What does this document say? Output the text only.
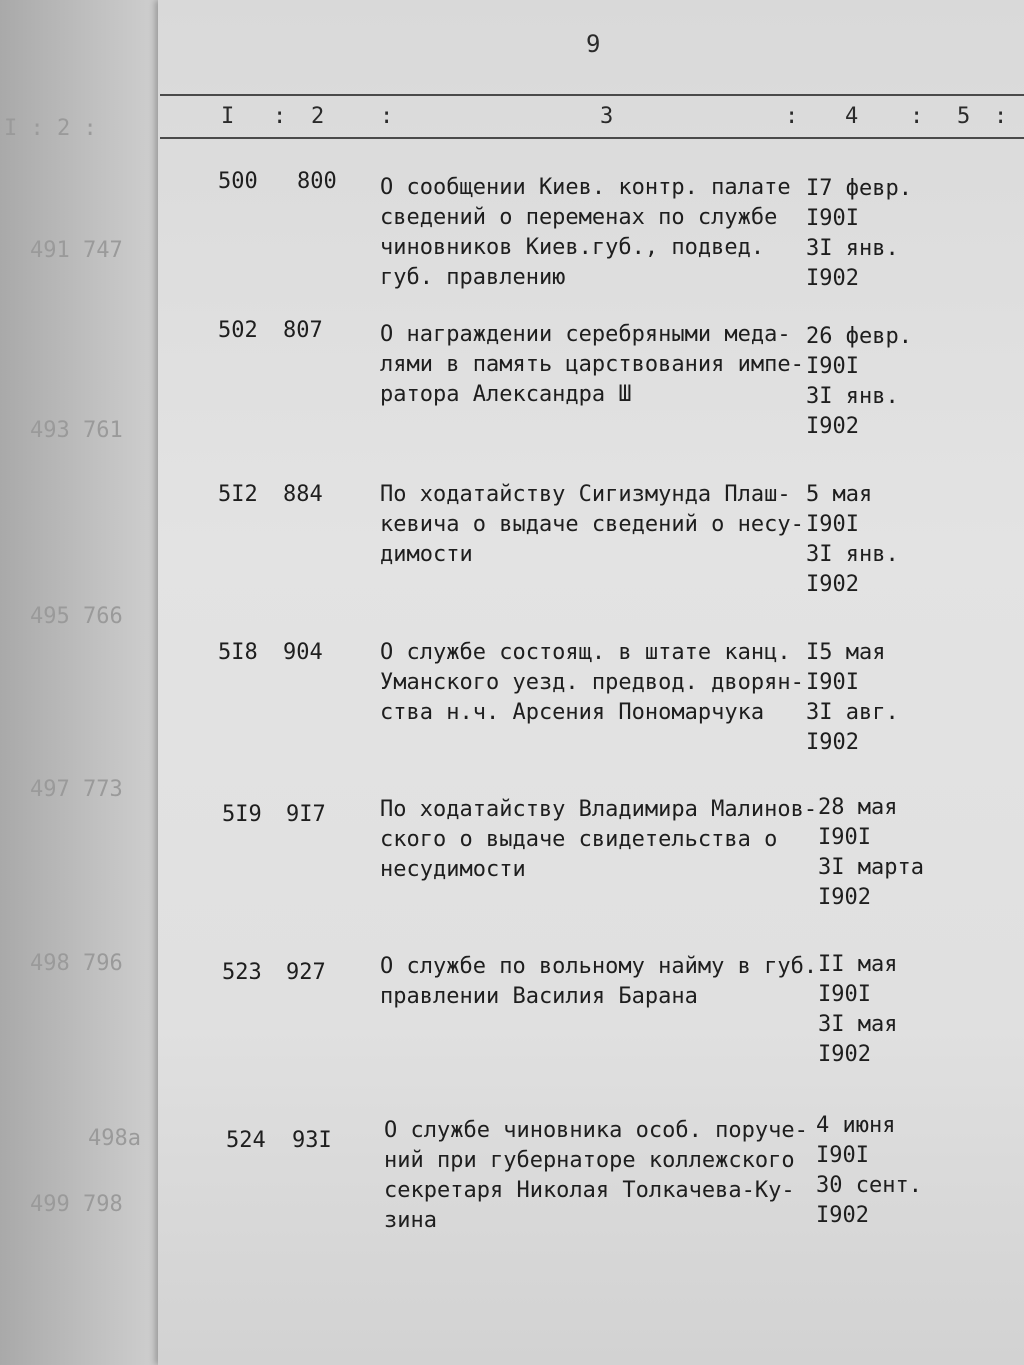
I : 2 :
491 747
493 761
495 766
497 773
498 796
498a
499 798
9
I : 2	:	3	: 4 : 5 :
500	800	О сообщении Киев. контр. палате
сведений о переменах по службе
чиновников Киев.губ., подвед.
губ. правлению
I7 февр.
I90I
3I янв.
I902
502	807	О награждении серебряными меда-
лями в память царствования импе-
ратора Александра Ш
26 февр.
I90I
3I янв.
I902
5I2	884	По ходатайству Сигизмунда Плаш-
кевича о выдаче сведений о несу-
димости
5 мая
I90I
3I янв.
I902
5I8	904	О службе состоящ. в штате канц.
Уманского уезд. предвод. дворян-
ства н.ч. Арсения Пономарчука
I5 мая
I90I
3I авг.
I902
5I9	9I7	По ходатайству Владимира Малинов-
ского о выдаче свидетельства о
несудимости
28 мая
I90I
3I марта
I902
523	927	О службе по вольному найму в губ.
правлении Василия Барана
II мая
I90I
3I мая
I902
524	93I	О службе чиновника особ. поруче-
ний при губернаторе коллежского
секретаря Николая Толкачева-Ку-
зина
4 июня
I90I
30 сент.
I902
